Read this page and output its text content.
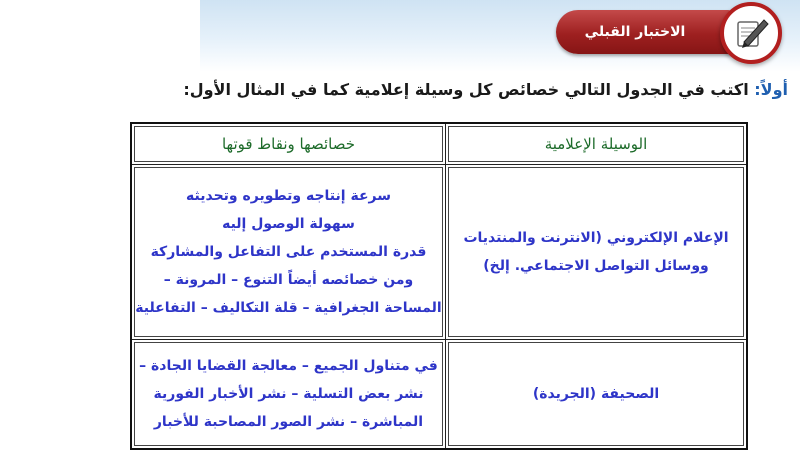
الاختبار القبلي
أولاً: اكتب في الجدول التالي خصائص كل وسيلة إعلامية كما في المثال الأول:
الوسيلة الإعلامية	خصائصها ونقاط قوتها

الإعلام الإلكتروني (الانترنت والمنتديات
ووسائل التواصل الاجتماعي. إلخ)	سرعة إنتاجه وتطويره وتحديثه
سهولة الوصول إليه
قدرة المستخدم على التفاعل والمشاركة
ومن خصائصه أيضاً التنوع – المرونة –
المساحة الجغرافية – قلة التكاليف – التفاعلية

الصحيفة (الجريدة)	في متناول الجميع – معالجة القضايا الجادة –
نشر بعض التسلية – نشر الأخبار الفورية
المباشرة – نشر الصور المصاحبة للأخبار
